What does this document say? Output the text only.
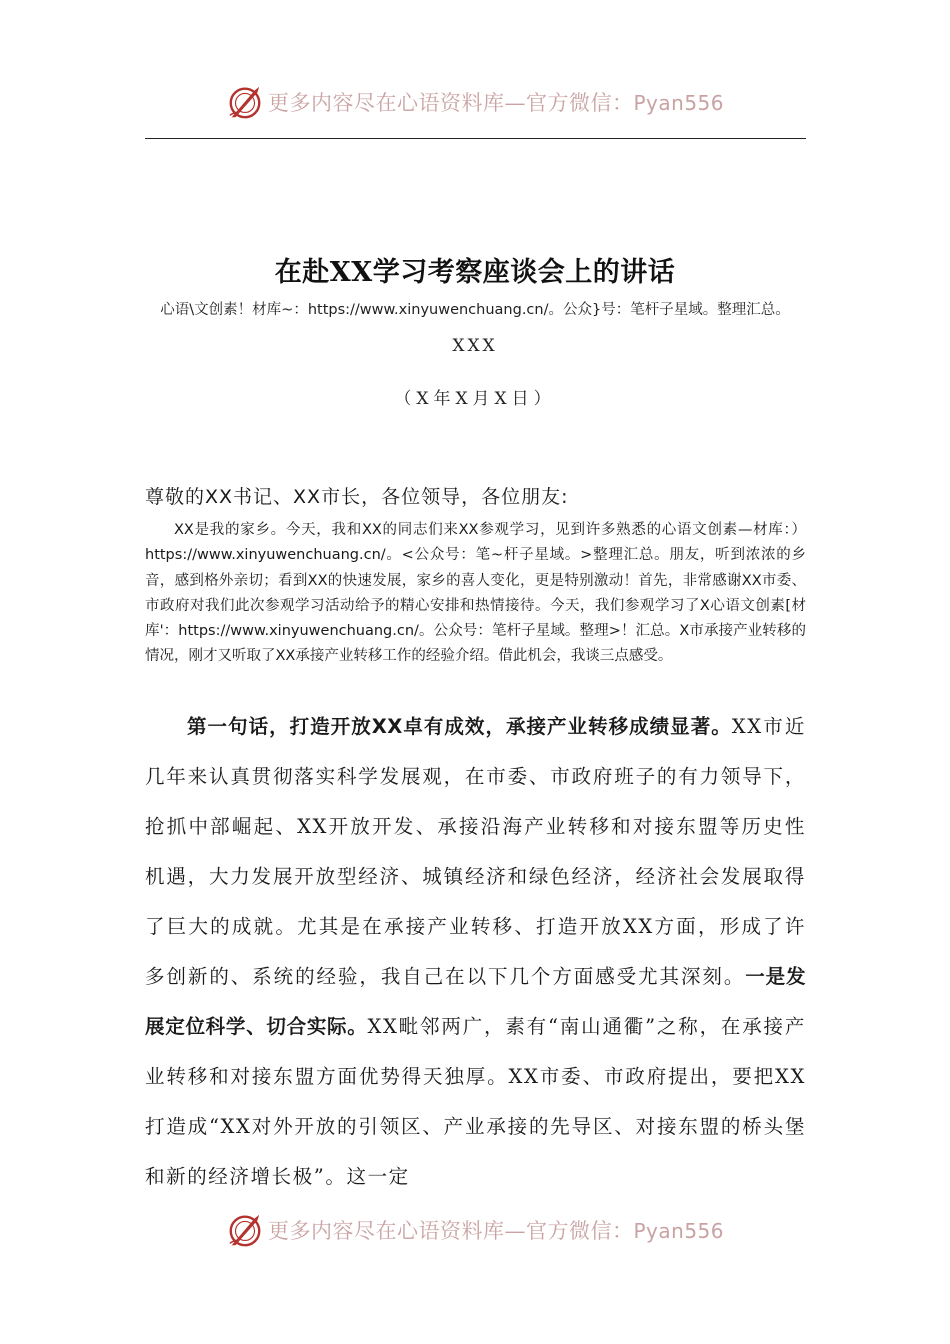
更多内容尽在心语资料库—官方微信：Pyan556
在赴XX学习考察座谈会上的讲话
心语\文创素！材库~：https://www.xinyuwenchuang.cn/。公众}号：笔杆子星域。整理汇总。
XXX
（X年X月X日）
尊敬的XX书记、XX市长，各位领导，各位朋友:
XX是我的家乡。今天，我和XX的同志们来XX参观学习，见到许多熟悉的心语文创素—材库：）https://www.xinyuwenchuang.cn/。<公众号：笔~杆子星域。>整理汇总。朋友，听到浓浓的乡音，感到格外亲切；看到XX的快速发展，家乡的喜人变化，更是特别激动！首先，非常感谢XX市委、市政府对我们此次参观学习活动给予的精心安排和热情接待。今天，我们参观学习了X心语文创素[材库'：https://www.xinyuwenchuang.cn/。公众号：笔杆子星域。整理>！汇总。X市承接产业转移的情况，刚才又听取了XX承接产业转移工作的经验介绍。借此机会，我谈三点感受。
第一句话，打造开放XX卓有成效，承接产业转移成绩显著。XX市近几年来认真贯彻落实科学发展观，在市委、市政府班子的有力领导下，抢抓中部崛起、XX开放开发、承接沿海产业转移和对接东盟等历史性机遇，大力发展开放型经济、城镇经济和绿色经济，经济社会发展取得了巨大的成就。尤其是在承接产业转移、打造开放XX方面，形成了许多创新的、系统的经验，我自己在以下几个方面感受尤其深刻。一是发展定位科学、切合实际。XX毗邻两广，素有“南山通衢”之称，在承接产业转移和对接东盟方面优势得天独厚。XX市委、市政府提出，要把XX打造成“XX对外开放的引领区、产业承接的先导区、对接东盟的桥头堡和新的经济增长极”。这一定
更多内容尽在心语资料库—官方微信：Pyan556
